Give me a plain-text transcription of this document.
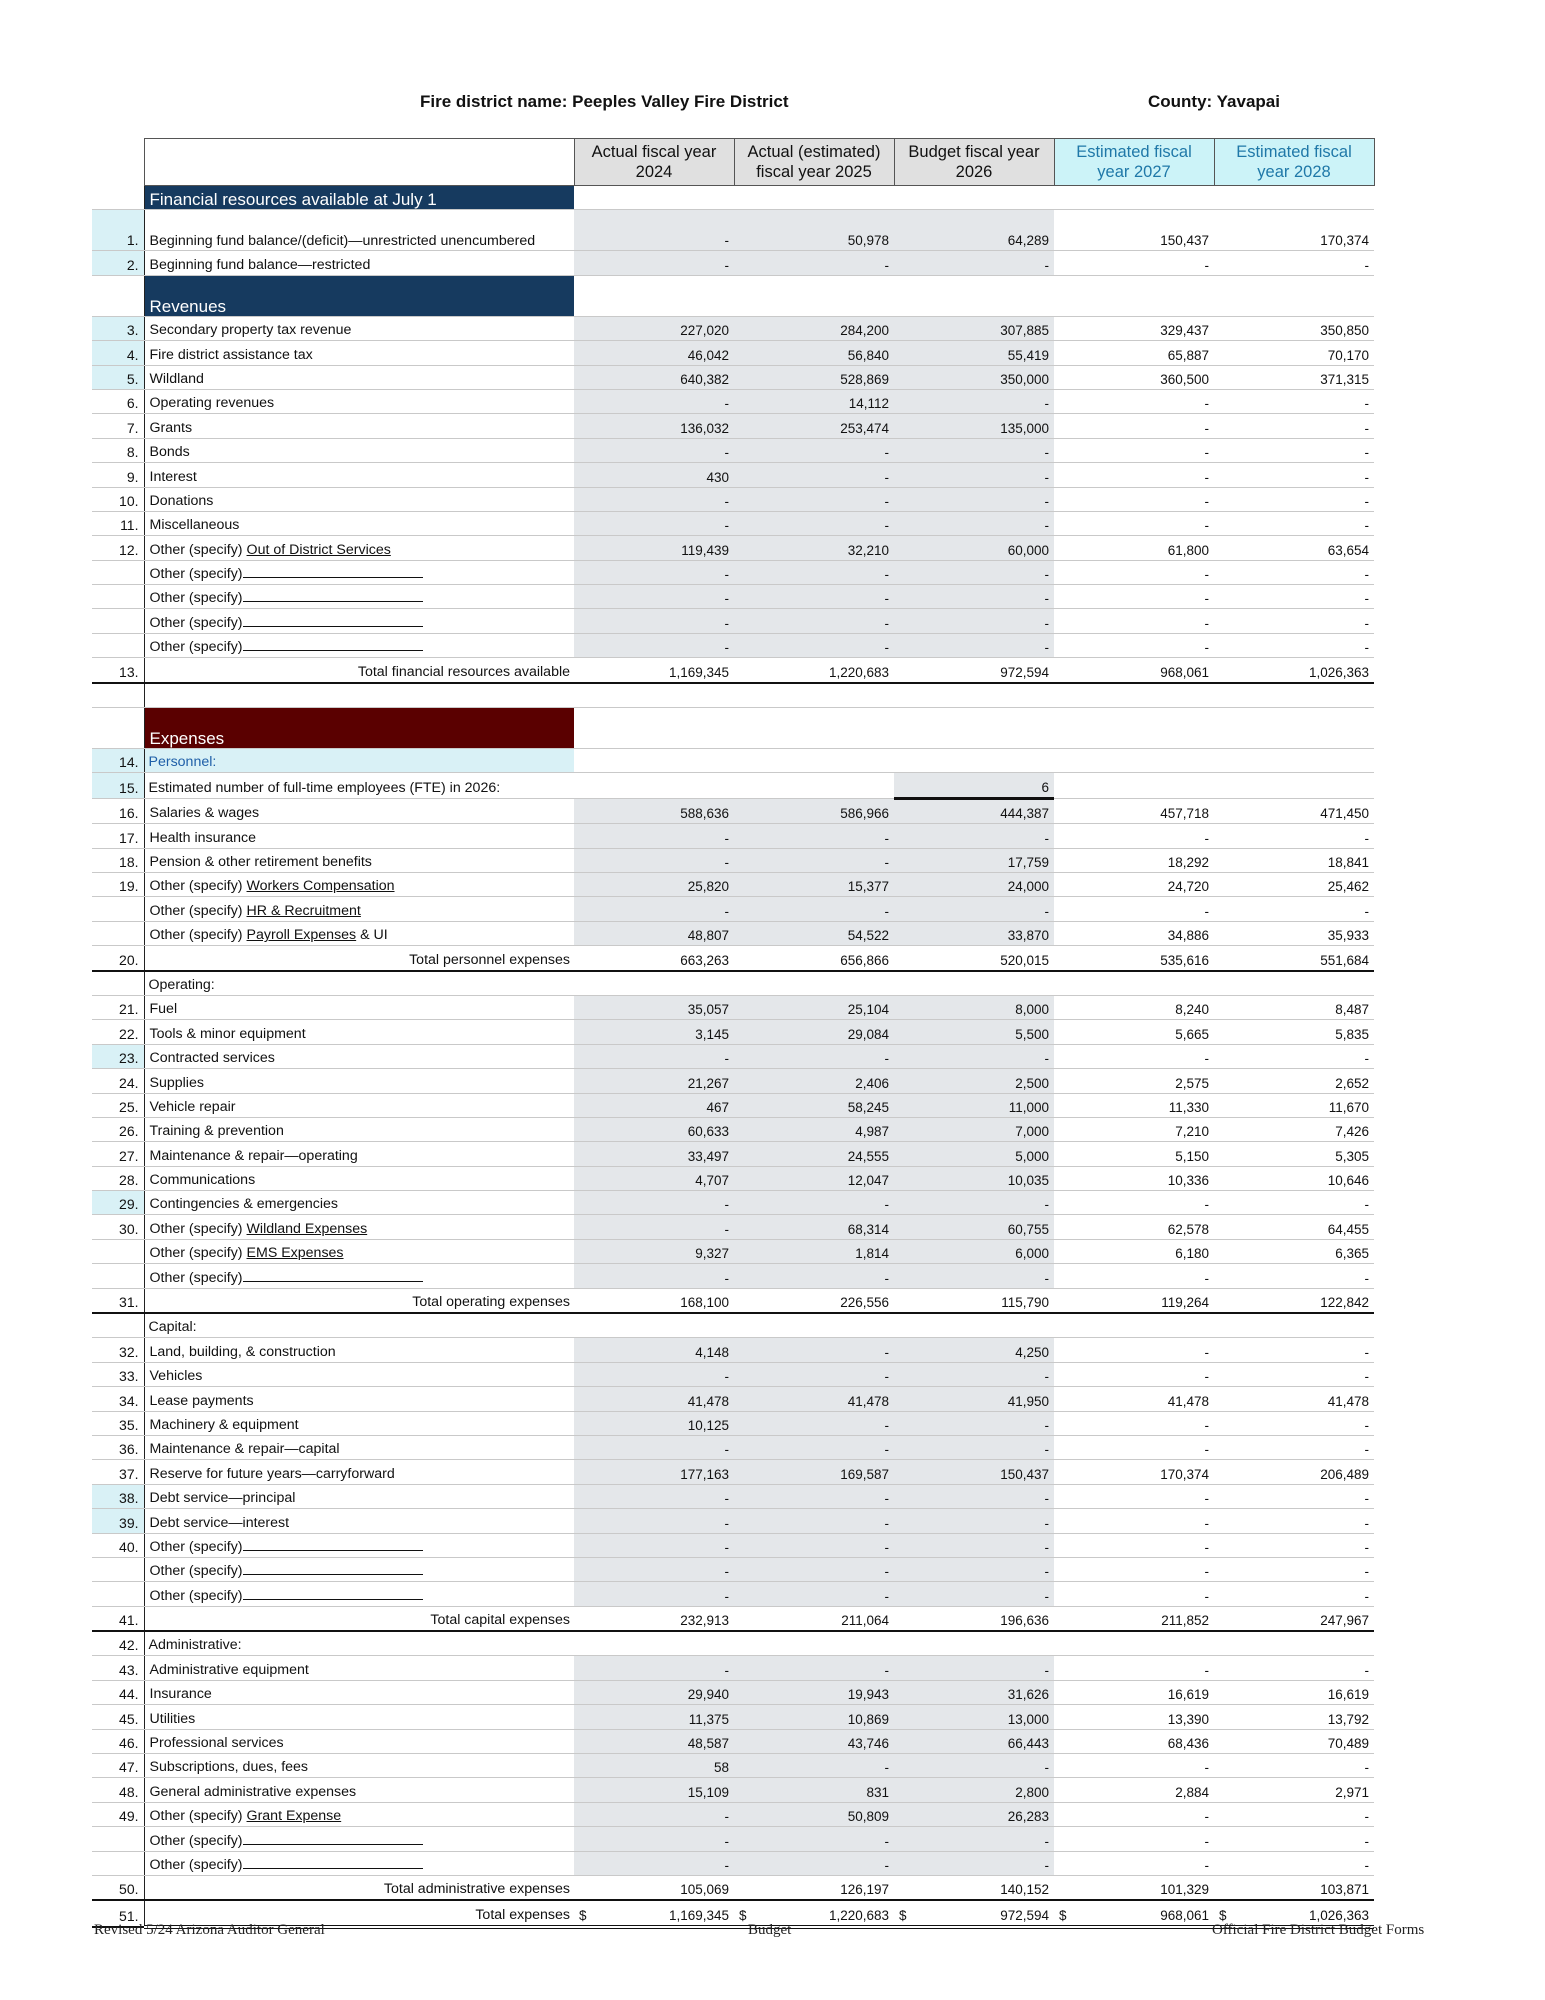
Fire district name: Peeples Valley Fire District	County: Yavapai
		Actual fiscal year 2024	Actual (estimated) fiscal year 2025	Budget fiscal year 2026	Estimated fiscal year 2027	Estimated fiscal year 2028
	Financial resources available at July 1					
1.	Beginning fund balance/(deficit)—unrestricted unencumbered	-	50,978	64,289	150,437	170,374
2.	Beginning fund balance—restricted	-	-	-	-	-
	Revenues					
3.	Secondary property tax revenue	227,020	284,200	307,885	329,437	350,850
4.	Fire district assistance tax	46,042	56,840	55,419	65,887	70,170
5.	Wildland	640,382	528,869	350,000	360,500	371,315
6.	Operating revenues	-	14,112	-	-	-
7.	Grants	136,032	253,474	135,000	-	-
8.	Bonds	-	-	-	-	-
9.	Interest	430	-	-	-	-
10.	Donations	-	-	-	-	-
11.	Miscellaneous	-	-	-	-	-
12.	Other (specify) Out of District Services	119,439	32,210	60,000	61,800	63,654
	Other (specify)	-	-	-	-	-
	Other (specify)	-	-	-	-	-
	Other (specify)	-	-	-	-	-
	Other (specify)	-	-	-	-	-
13.	Total financial resources available	1,169,345	1,220,683	972,594	968,061	1,026,363

	Expenses					
14.	Personnel:					
15.	Estimated number of full-time employees (FTE) in 2026:			6		
16.	Salaries & wages	588,636	586,966	444,387	457,718	471,450
17.	Health insurance	-	-	-	-	-
18.	Pension & other retirement benefits	-	-	17,759	18,292	18,841
19.	Other (specify) Workers Compensation	25,820	15,377	24,000	24,720	25,462
	Other (specify) HR & Recruitment	-	-	-	-	-
	Other (specify) Payroll Expenses & UI	48,807	54,522	33,870	34,886	35,933
20.	Total personnel expenses	663,263	656,866	520,015	535,616	551,684
	Operating:					
21.	Fuel	35,057	25,104	8,000	8,240	8,487
22.	Tools & minor equipment	3,145	29,084	5,500	5,665	5,835
23.	Contracted services	-	-	-	-	-
24.	Supplies	21,267	2,406	2,500	2,575	2,652
25.	Vehicle repair	467	58,245	11,000	11,330	11,670
26.	Training & prevention	60,633	4,987	7,000	7,210	7,426
27.	Maintenance & repair—operating	33,497	24,555	5,000	5,150	5,305
28.	Communications	4,707	12,047	10,035	10,336	10,646
29.	Contingencies & emergencies	-	-	-	-	-
30.	Other (specify) Wildland Expenses	-	68,314	60,755	62,578	64,455
	Other (specify) EMS Expenses	9,327	1,814	6,000	6,180	6,365
	Other (specify)	-	-	-	-	-
31.	Total operating expenses	168,100	226,556	115,790	119,264	122,842
	Capital:					
32.	Land, building, & construction	4,148	-	4,250	-	-
33.	Vehicles	-	-	-	-	-
34.	Lease payments	41,478	41,478	41,950	41,478	41,478
35.	Machinery & equipment	10,125	-	-	-	-
36.	Maintenance & repair—capital	-	-	-	-	-
37.	Reserve for future years—carryforward	177,163	169,587	150,437	170,374	206,489
38.	Debt service—principal	-	-	-	-	-
39.	Debt service—interest	-	-	-	-	-
40.	Other (specify)	-	-	-	-	-
	Other (specify)	-	-	-	-	-
	Other (specify)	-	-	-	-	-
41.	Total capital expenses	232,913	211,064	196,636	211,852	247,967
42.	Administrative:					
43.	Administrative equipment	-	-	-	-	-
44.	Insurance	29,940	19,943	31,626	16,619	16,619
45.	Utilities	11,375	10,869	13,000	13,390	13,792
46.	Professional services	48,587	43,746	66,443	68,436	70,489
47.	Subscriptions, dues, fees	58	-	-	-	-
48.	General administrative expenses	15,109	831	2,800	2,884	2,971
49.	Other (specify) Grant Expense	-	50,809	26,283	-	-
	Other (specify)	-	-	-	-	-
	Other (specify)	-	-	-	-	-
50.	Total administrative expenses	105,069	126,197	140,152	101,329	103,871
51.	Total expenses	$ 1,169,345	$ 1,220,683	$ 972,594	$ 968,061	$ 1,026,363
Revised 5/24 Arizona Auditor General	Budget	Official Fire District Budget Forms
